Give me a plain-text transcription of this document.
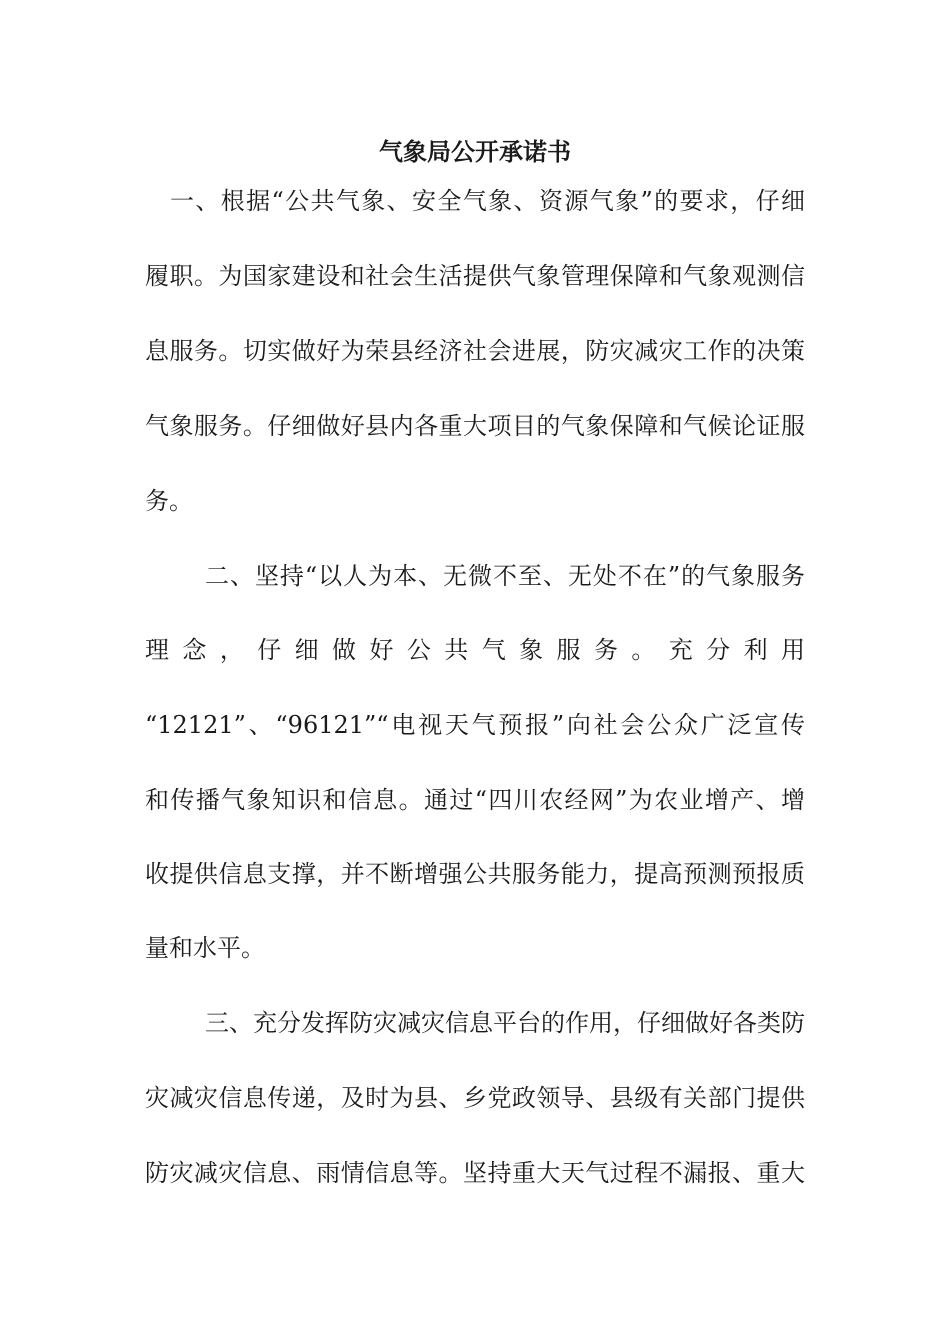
气象局公开承诺书
一、根据“公共气象、安全气象、资源气象”的要求，仔细
履职。为国家建设和社会生活提供气象管理保障和气象观测信
息服务。切实做好为荣县经济社会进展，防灾减灾工作的决策
气象服务。仔细做好县内各重大项目的气象保障和气候论证服
务。
二、坚持“以人为本、无微不至、无处不在”的气象服务
理念，仔细做好公共气象服务。充分利用
“12121”、“96121”“电视天气预报”向社会公众广泛宣传
和传播气象知识和信息。通过“四川农经网”为农业增产、增
收提供信息支撑，并不断增强公共服务能力，提高预测预报质
量和水平。
三、充分发挥防灾减灾信息平台的作用，仔细做好各类防
灾减灾信息传递，及时为县、乡党政领导、县级有关部门提供
防灾减灾信息、雨情信息等。坚持重大天气过程不漏报、重大
